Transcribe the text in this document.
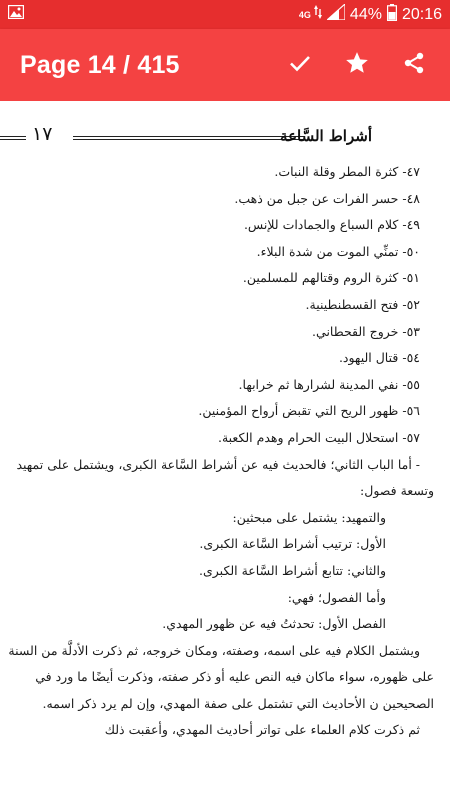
4G 44% 20:16
Page 14 / 415
١٧	أشراط السَّاعة
٤٧- كثرة المطر وقلة النبات.
٤٨- حسر الفرات عن جبل من ذهب.
٤٩- كلام السباع والجمادات للإنس.
٥٠- تمنِّي الموت من شدة البلاء.
٥١- كثرة الروم وقتالهم للمسلمين.
٥٢- فتح القسطنطينية.
٥٣- خروج القحطاني.
٥٤- قتال اليهود.
٥٥- نفي المدينة لشرارها ثم خرابها.
٥٦- ظهور الريح التي تقبض أرواح المؤمنين.
٥٧- استحلال البيت الحرام وهدم الكعبة.
- أما الباب الثاني؛ فالحديث فيه عن أشراط السَّاعة الكبرى، ويشتمل على تمهيد
وتسعة فصول:
والتمهيد: يشتمل على مبحثين:
الأول: ترتيب أشراط السَّاعة الكبرى.
والثاني: تتابع أشراط السَّاعة الكبرى.
وأما الفصول؛ فهي:
الفصل الأول: تحدثتُ فيه عن ظهور المهدي.
ويشتمل الكلام فيه على اسمه، وصفته، ومكان خروجه، ثم ذكرت الأدلَّة من السنة
على ظهوره، سواء ماكان فيه النص عليه أو ذكر صفته، وذكرت أيضًا ما ورد في
الصحيحين ن الأحاديث التي تشتمل على صفة المهدي، وإن لم يرد ذكر اسمه.
ثم ذكرت كلام العلماء على تواتر أحاديث المهدي، وأعقبت ذلك
